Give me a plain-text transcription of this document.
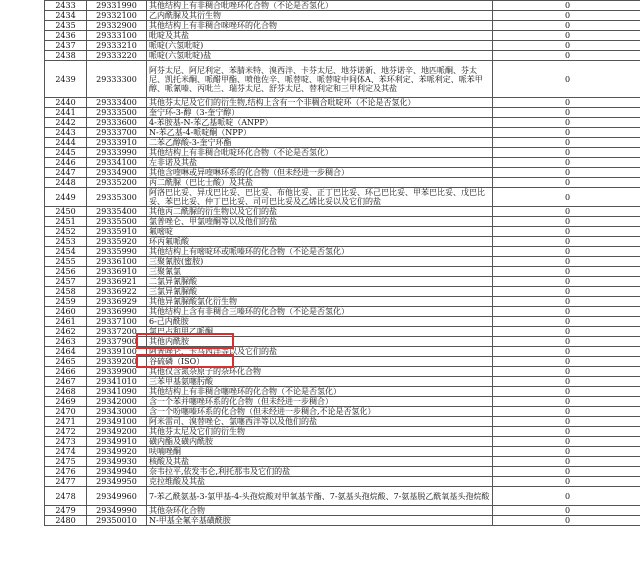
2433	29331990	其他结构上有非稠合吡唑环化合物（不论是否氢化）	0
2434	29332100	乙内酰脲及其衍生物	0
2435	29332900	其他结构上有非稠合咪唑环的化合物	0
2436	29333100	吡啶及其盐	0
2437	29333210	哌啶(六氢吡啶)	0
2438	29333220	哌啶(六氢吡啶)盐	0
2439	29333300	阿芬太尼、阿尼利定、苯腈米特、溴西泮、卡芬太尼、地芬诺新、地芬诺辛、地匹哌酮、芬太尼、凯托米酮、哌醋甲酯、喷他佐辛、哌替啶、哌替啶中间体A、苯环利定、苯哌利定、哌苯甲醇、哌氰嗪、丙吡兰、瑞芬太尼、舒芬太尼、替利定和三甲利定及其盐	0
2440	29333400	其他芬太尼及它们的衍生物,结构上含有一个非稠合吡啶环（不论是否氢化）	0
2441	29333500	奎宁环-3-醇（3-奎宁醇）	0
2442	29333600	4-苯胺基-N-苯乙基哌啶（ANPP）	0
2443	29333700	N-苯乙基-4-哌啶酮（NPP）	0
2444	29333910	二苯乙醇酸-3-奎宁环酯	0
2445	29333990	其他结构上有非稠合吡啶环化合物（不论是否氢化）	0
2446	29334100	左非诺及其盐	0
2447	29334900	其他含喹啉或异喹啉环系的化合物（但未经进一步稠合）	0
2448	29335200	丙二酰脲（巴比士酸）及其盐	0
2449	29335300	阿洛巴比妥、异戊巴比妥、巴比妥、布他比妥、正丁巴比妥、环己巴比妥、甲苯巴比妥、戊巴比妥、苯巴比妥、仲丁巴比妥、司可巴比妥及乙烯比妥以及它们的盐	0
2450	29335400	其他丙二酰脲的衍生物以及它们的盐	0
2451	29335500	氯普唑仑、甲氯喹酮等以及他们的盐	0
2452	29335910	氟嘧啶	0
2453	29335920	环丙氟哌酸	0
2454	29335990	其他结构上有嘧啶环或哌嗪环的化合物（不论是否氢化）	0
2455	29336100	三聚氰胺(蜜胺)	0
2456	29336910	三聚氰氯	0
2457	29336921	二氯异氰脲酸	0
2458	29336922	三氯异氰脲酸	0
2459	29336929	其他异氰脲酸氯化衍生物	0
2460	29336990	其他结构上含有非稠合三嗪环的化合物（不论是否氢化）	0
2461	29337100	6-己内酰胺	0
2462	29337200	氯巴占和甲乙哌酮	0
2463	29337900	其他内酰胺	0
2464	29339100	阿普唑仑、卡马西泮等以及它们的盐	0
2465	29339200	谷硫磷（ISO）	0
2466	29339900	其他仅含氮杂原子的杂环化合物	0
2467	29341010	三苯甲基氨噻肟酸	0
2468	29341090	其他结构上有非稠合噻唑环的化合物（不论是否氢化）	0
2469	29342000	含一个苯并噻唑环系的化合物（但未经进一步稠合）	0
2470	29343000	含一个吩噻嗪环系的化合物（但未经进一步稠合,不论是否氢化）	0
2471	29349100	阿米雷司、溴替唑仑、氯噻西泮等以及他们的盐	0
2472	29349200	其他芬太尼及它们的衍生物	0
2473	29349910	磺内酯及磺内酰胺	0
2474	29349920	呋喃唑酮	0
2475	29349930	核酸及其盐	0
2476	29349940	奈韦拉平,依发韦仑,利托那韦及它们的盐	0
2477	29349950	克拉维酸及其盐	0
2478	29349960	7-苯乙酰氨基-3-氯甲基-4-头孢烷酸对甲氧基苄酯、7-氨基头孢烷酸、7-氨基脱乙酰氧基头孢烷酸	0
2479	29349990	其他杂环化合物	0
2480	29350010	N-甲基全氟辛基磺酰胺	0
